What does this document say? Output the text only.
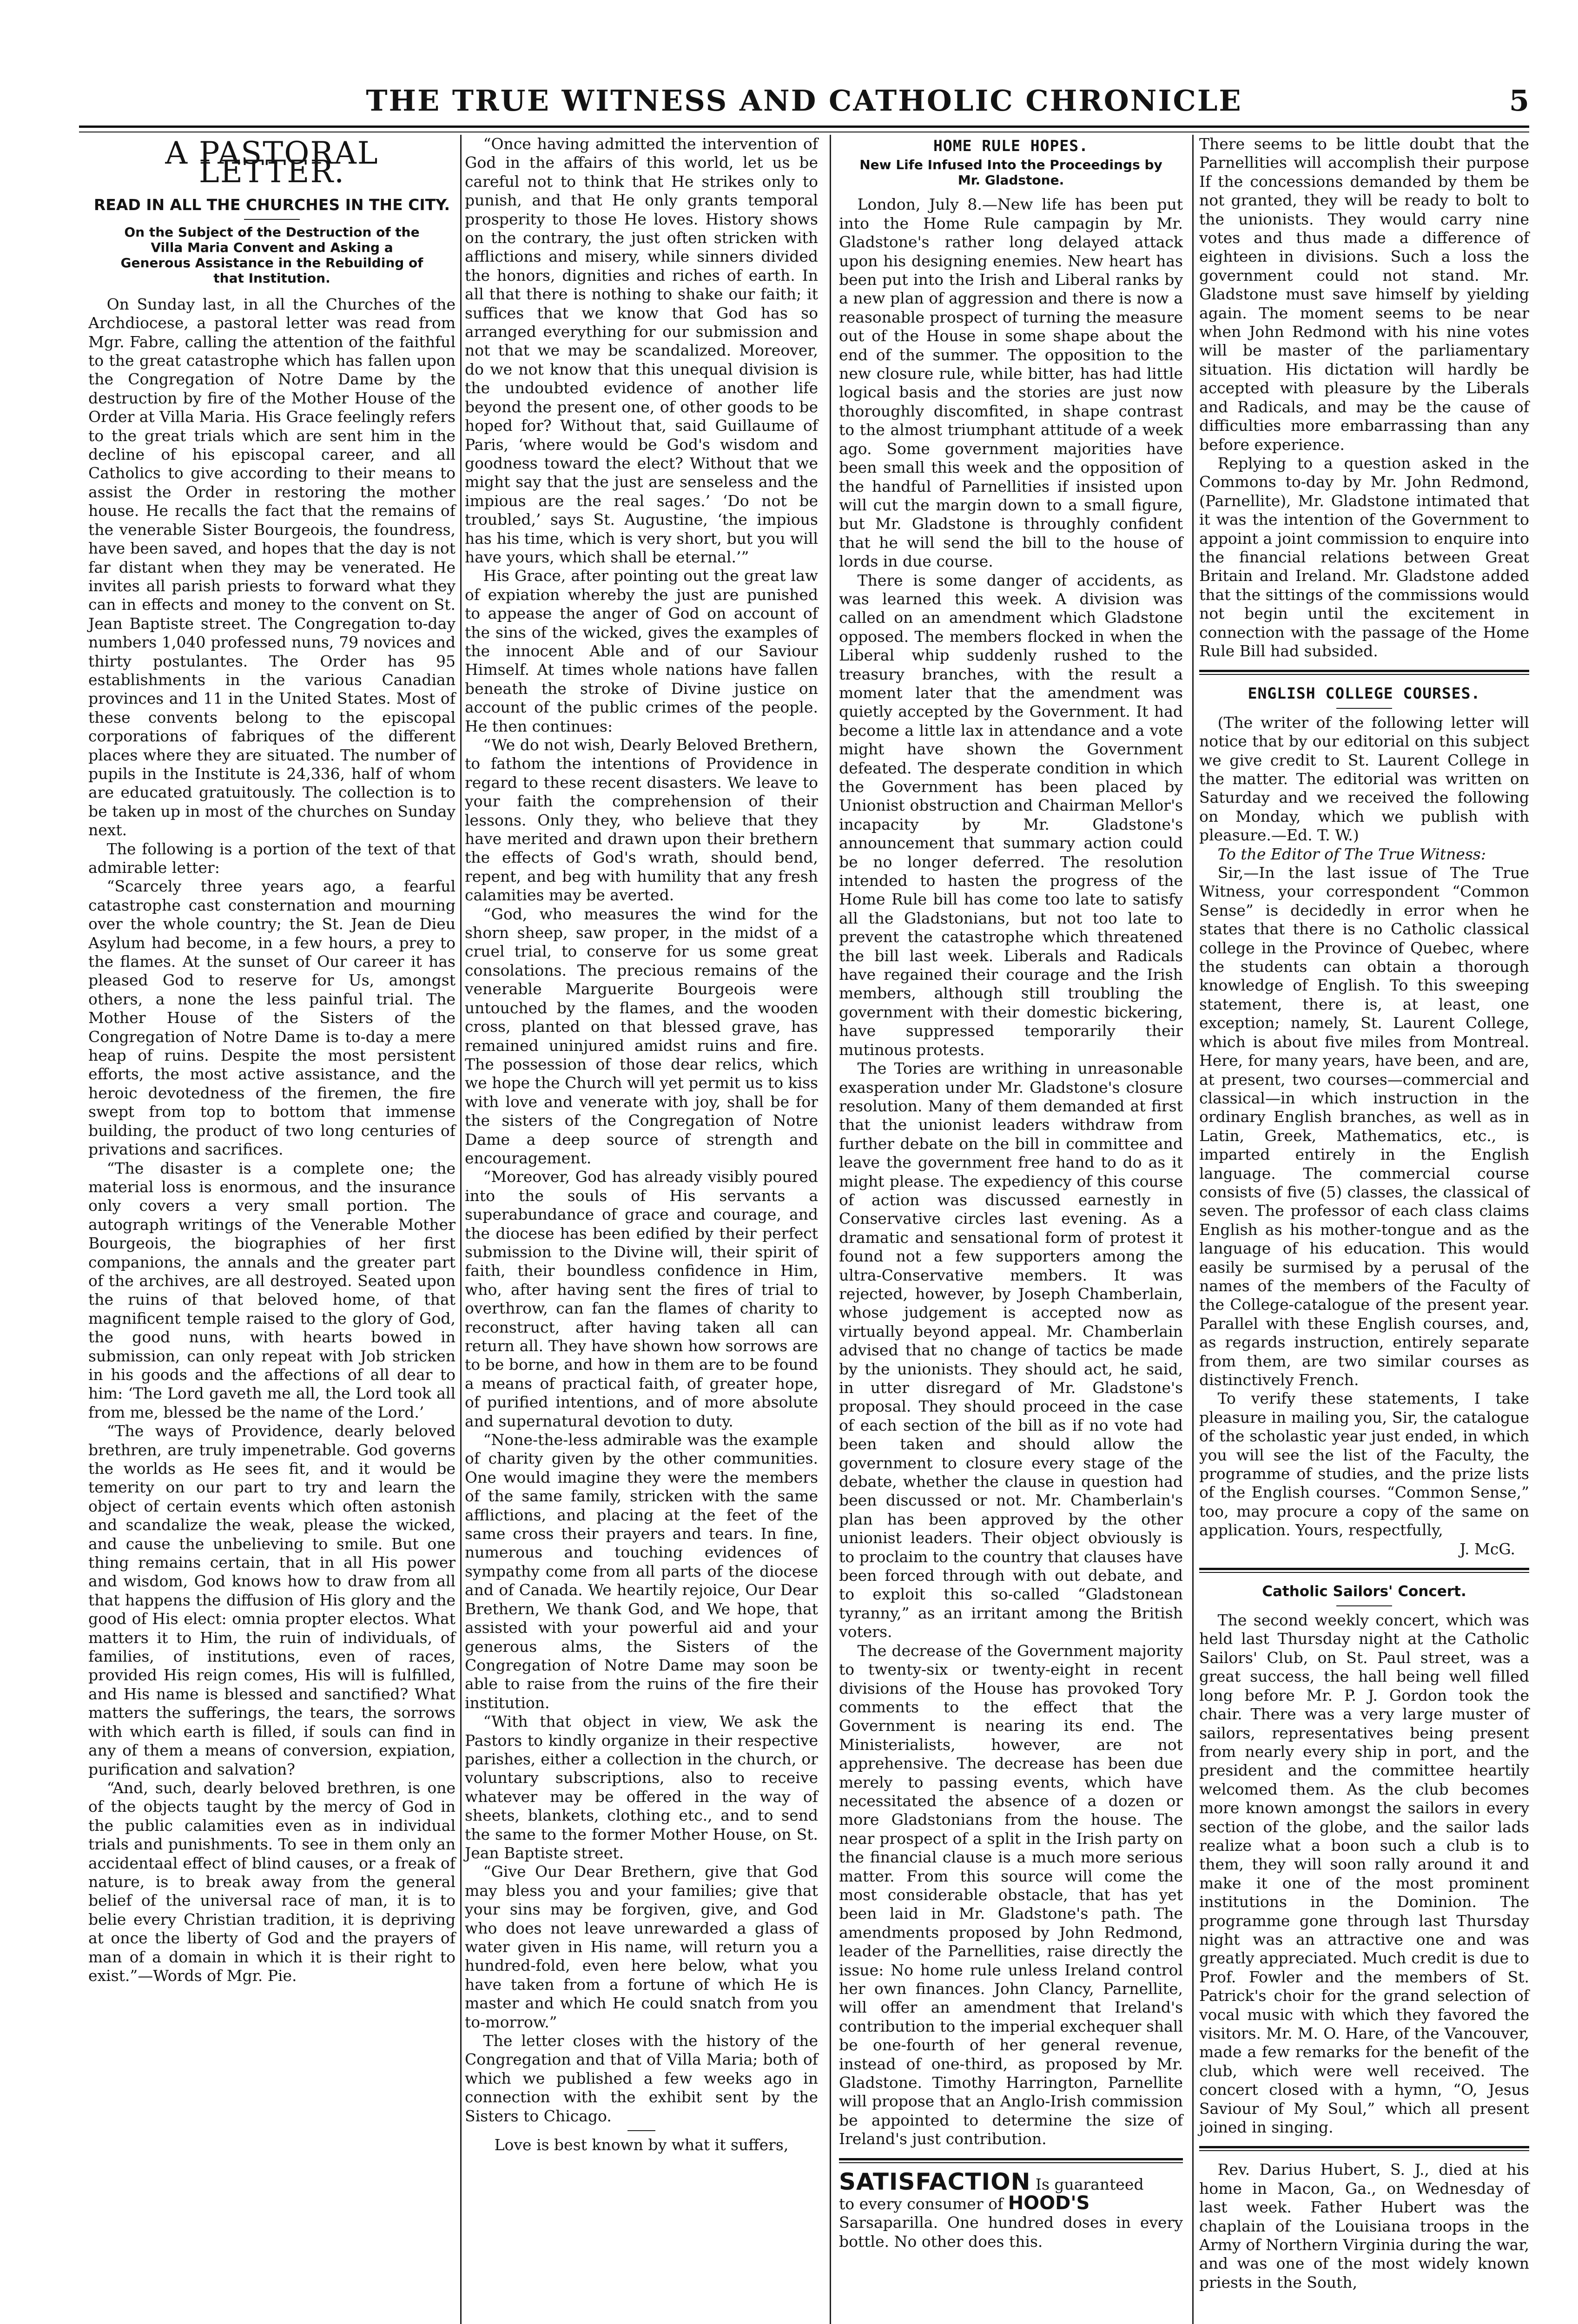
THE TRUE WITNESS AND CATHOLIC CHRONICLE	5
A PASTORAL LETTER.
READ IN ALL THE CHURCHES IN THE CITY.
On the Subject of the Destruction of the Villa Maria Convent and Asking a Generous Assistance in the Rebuilding of that Institution.

On Sunday last, in all the Churches of the Archdiocese, a pastoral letter was read from Mgr. Fabre, calling the attention of the faithful to the great catastrophe which has fallen upon the Congregation of Notre Dame by the destruction by fire of the Mother House of the Order at Villa Maria. His Grace feelingly refers to the great trials which are sent him in the decline of his episcopal career, and all Catholics to give according to their means to assist the Order in restoring the mother house. He recalls the fact that the remains of the venerable Sister Bourgeois, the foundress, have been saved, and hopes that the day is not far distant when they may be venerated. He invites all parish priests to forward what they can in effects and money to the convent on St. Jean Baptiste street. The Congregation to-day numbers 1,040 professed nuns, 79 novices and thirty postulantes. The Order has 95 establishments in the various Canadian provinces and 11 in the United States. Most of these convents belong to the episcopal corporations of fabriques of the different places where they are situated. The number of pupils in the Institute is 24,336, half of whom are educated gratuitously. The collection is to be taken up in most of the churches on Sunday next.

The following is a portion of the text of that admirable letter:

“Scarcely three years ago, a fearful catastrophe cast consternation and mourning over the whole country; the St. Jean de Dieu Asylum had become, in a few hours, a prey to the flames. At the sunset of Our career it has pleased God to reserve for Us, amongst others, a none the less painful trial. The Mother House of the Sisters of the Congregation of Notre Dame is to-day a mere heap of ruins. Despite the most persistent efforts, the most active assistance, and the heroic devotedness of the firemen, the fire swept from top to bottom that immense building, the product of two long centuries of privations and sacrifices.

“The disaster is a complete one; the material loss is enormous, and the insurance only covers a very small portion. The autograph writings of the Venerable Mother Bourgeois, the biographies of her first companions, the annals and the greater part of the archives, are all destroyed. Seated upon the ruins of that beloved home, of that magnificent temple raised to the glory of God, the good nuns, with hearts bowed in submission, can only repeat with Job stricken in his goods and the affections of all dear to him: ‘The Lord gaveth me all, the Lord took all from me, blessed be the name of the Lord.’

“The ways of Providence, dearly beloved brethren, are truly impenetrable. God governs the worlds as He sees fit, and it would be temerity on our part to try and learn the object of certain events which often astonish and scandalize the weak, please the wicked, and cause the unbelieving to smile. But one thing remains certain, that in all His power and wisdom, God knows how to draw from all that happens the diffusion of His glory and the good of His elect: omnia propter electos. What matters it to Him, the ruin of individuals, of families, of institutions, even of races, provided His reign comes, His will is fulfilled, and His name is blessed and sanctified? What matters the sufferings, the tears, the sorrows with which earth is filled, if souls can find in any of them a means of conversion, expiation, purification and salvation?

“And, such, dearly beloved brethren, is one of the objects taught by the mercy of God in the public calamities even as in individual trials and punishments. To see in them only an accidentaal effect of blind causes, or a freak of nature, is to break away from the general belief of the universal race of man, it is to belie every Christian tradition, it is depriving at once the liberty of God and the prayers of man of a domain in which it is their right to exist.”—Words of Mgr. Pie.

“Once having admitted the intervention of God in the affairs of this world, let us be careful not to think that He strikes only to punish, and that He only grants temporal prosperity to those He loves. History shows on the contrary, the just often stricken with afflictions and misery, while sinners divided the honors, dignities and riches of earth. In all that there is nothing to shake our faith; it suffices that we know that God has so arranged everything for our submission and not that we may be scandalized. Moreover, do we not know that this unequal division is the undoubted evidence of another life beyond the present one, of other goods to be hoped for? Without that, said Guillaume of Paris, ‘where would be God's wisdom and goodness toward the elect? Without that we might say that the just are senseless and the impious are the real sages.’ ‘Do not be troubled,’ says St. Augustine, ‘the impious has his time, which is very short, but you will have yours, which shall be eternal.’”

His Grace, after pointing out the great law of expiation whereby the just are punished to appease the anger of God on account of the sins of the wicked, gives the examples of the innocent Able and of our Saviour Himself. At times whole nations have fallen beneath the stroke of Divine justice on account of the public crimes of the people. He then continues:

“We do not wish, Dearly Beloved Brethern, to fathom the intentions of Providence in regard to these recent disasters. We leave to your faith the comprehension of their lessons. Only they, who believe that they have merited and drawn upon their brethern the effects of God's wrath, should bend, repent, and beg with humility that any fresh calamities may be averted.

“God, who measures the wind for the shorn sheep, saw proper, in the midst of a cruel trial, to conserve for us some great consolations. The precious remains of the venerable Marguerite Bourgeois were untouched by the flames, and the wooden cross, planted on that blessed grave, has remained uninjured amidst ruins and fire. The possession of those dear relics, which we hope the Church will yet permit us to kiss with love and venerate with joy, shall be for the sisters of the Congregation of Notre Dame a deep source of strength and encouragement.

“Moreover, God has already visibly poured into the souls of His servants a superabundance of grace and courage, and the diocese has been edified by their perfect submission to the Divine will, their spirit of faith, their boundless confidence in Him, who, after having sent the fires of trial to overthrow, can fan the flames of charity to reconstruct, after having taken all can return all. They have shown how sorrows are to be borne, and how in them are to be found a means of practical faith, of greater hope, of purified intentions, and of more absolute and supernatural devotion to duty.

“None-the-less admirable was the example of charity given by the other communities. One would imagine they were the members of the same family, stricken with the same afflictions, and placing at the feet of the same cross their prayers and tears. In fine, numerous and touching evidences of sympathy come from all parts of the diocese and of Canada. We heartily rejoice, Our Dear Brethern, We thank God, and We hope, that assisted with your powerful aid and your generous alms, the Sisters of the Congregation of Notre Dame may soon be able to raise from the ruins of the fire their institution.

“With that object in view, We ask the Pastors to kindly organize in their respective parishes, either a collection in the church, or voluntary subscriptions, also to receive whatever may be offered in the way of sheets, blankets, clothing etc., and to send the same to the former Mother House, on St. Jean Baptiste street.

“Give Our Dear Brethern, give that God may bless you and your families; give that your sins may be forgiven, give, and God who does not leave unrewarded a glass of water given in His name, will return you a hundred-fold, even here below, what you have taken from a fortune of which He is master and which He could snatch from you to-morrow.”

The letter closes with the history of the Congregation and that of Villa Maria; both of which we published a few weeks ago in connection with the exhibit sent by the Sisters to Chicago.

Love is best known by what it suffers,

HOME RULE HOPES.
New Life Infused Into the Proceedings by Mr. Gladstone.

London, July 8.—New life has been put into the Home Rule campagin by Mr. Gladstone's rather long delayed attack upon his designing enemies. New heart has been put into the Irish and Liberal ranks by a new plan of aggression and there is now a reasonable prospect of turning the measure out of the House in some shape about the end of the summer. The opposition to the new closure rule, while bitter, has had little logical basis and the stories are just now thoroughly discomfited, in shape contrast to the almost triumphant attitude of a week ago. Some government majorities have been small this week and the opposition of the handful of Parnellities if insisted upon will cut the margin down to a small figure, but Mr. Gladstone is throughly confident that he will send the bill to the house of lords in due course.

There is some danger of accidents, as was learned this week. A division was called on an amendment which Gladstone opposed. The members flocked in when the Liberal whip suddenly rushed to the treasury branches, with the result a moment later that the amendment was quietly accepted by the Government. It had become a little lax in attendance and a vote might have shown the Government defeated. The desperate condition in which the Government has been placed by Unionist obstruction and Chairman Mellor's incapacity by Mr. Gladstone's announcement that summary action could be no longer deferred. The resolution intended to hasten the progress of the Home Rule bill has come too late to satisfy all the Gladstonians, but not too late to prevent the catastrophe which threatened the bill last week. Liberals and Radicals have regained their courage and the Irish members, although still troubling the government with their domestic bickering, have suppressed temporarily their mutinous protests.

The Tories are writhing in unreasonable exasperation under Mr. Gladstone's closure resolution. Many of them demanded at first that the unionist leaders withdraw from further debate on the bill in committee and leave the government free hand to do as it might please. The expediency of this course of action was discussed earnestly in Conservative circles last evening. As a dramatic and sensational form of protest it found not a few supporters among the ultra-Conservative members. It was rejected, however, by Joseph Chamberlain, whose judgement is accepted now as virtually beyond appeal. Mr. Chamberlain advised that no change of tactics be made by the unionists. They should act, he said, in utter disregard of Mr. Gladstone's proposal. They should proceed in the case of each section of the bill as if no vote had been taken and should allow the government to closure every stage of the debate, whether the clause in question had been discussed or not. Mr. Chamberlain's plan has been approved by the other unionist leaders. Their object obviously is to proclaim to the country that clauses have been forced through with out debate, and to exploit this so-called “Gladstonean tyranny,” as an irritant among the British voters.

The decrease of the Government majority to twenty-six or twenty-eight in recent divisions of the House has provoked Tory comments to the effect that the Government is nearing its end. The Ministerialists, however, are not apprehensive. The decrease has been due merely to passing events, which have necessitated the absence of a dozen or more Gladstonians from the house. The near prospect of a split in the Irish party on the financial clause is a much more serious matter. From this source will come the most considerable obstacle, that has yet been laid in Mr. Gladstone's path. The amendments proposed by John Redmond, leader of the Parnellities, raise directly the issue: No home rule unless Ireland control her own finances. John Clancy, Parnellite, will offer an amendment that Ireland's contribution to the imperial exchequer shall be one-fourth of her general revenue, instead of one-third, as proposed by Mr. Gladstone. Timothy Harrington, Parnellite will propose that an Anglo-Irish commission be appointed to determine the size of Ireland's just contribution.

SATISFACTION Is guaranteed
to every consumer of HOOD'S
Sarsaparilla. One hundred doses in every bottle. No other does this.

There seems to be little doubt that the Parnellities will accomplish their purpose If the concessions demanded by them be not granted, they will be ready to bolt to the unionists. They would carry nine votes and thus made a difference of eighteen in divisions. Such a loss the government could not stand. Mr. Gladstone must save himself by yielding again. The moment seems to be near when John Redmond with his nine votes will be master of the parliamentary situation. His dictation will hardly be accepted with pleasure by the Liberals and Radicals, and may be the cause of difficulties more embarrassing than any before experience.

Replying to a question asked in the Commons to-day by Mr. John Redmond, (Parnellite), Mr. Gladstone intimated that it was the intention of the Government to appoint a joint commission to enquire into the financial relations between Great Britain and Ireland. Mr. Gladstone added that the sittings of the commissions would not begin until the excitement in connection with the passage of the Home Rule Bill had subsided.

ENGLISH COLLEGE COURSES.

(The writer of the following letter will notice that by our editorial on this subject we give credit to St. Laurent College in the matter. The editorial was written on Saturday and we received the following on Monday, which we publish with pleasure.—Ed. T. W.)

To the Editor of The True Witness:

Sir,—In the last issue of The True Witness, your correspondent “Common Sense” is decidedly in error when he states that there is no Catholic classical college in the Province of Quebec, where the students can obtain a thorough knowledge of English. To this sweeping statement, there is, at least, one exception; namely, St. Laurent College, which is about five miles from Montreal. Here, for many years, have been, and are, at present, two courses—commercial and classical—in which instruction in the ordinary English branches, as well as in Latin, Greek, Mathematics, etc., is imparted entirely in the English language. The commercial course consists of five (5) classes, the classical of seven. The professor of each class claims English as his mother-tongue and as the language of his education. This would easily be surmised by a perusal of the names of the members of the Faculty of the College-catalogue of the present year. Parallel with these English courses, and, as regards instruction, entirely separate from them, are two similar courses as distinctively French.

To verify these statements, I take pleasure in mailing you, Sir, the catalogue of the scholastic year just ended, in which you will see the list of the Faculty, the programme of studies, and the prize lists of the English courses. “Common Sense,” too, may procure a copy of the same on application. Yours, respectfully,

J. McG.
Catholic Sailors' Concert.

The second weekly concert, which was held last Thursday night at the Catholic Sailors' Club, on St. Paul street, was a great success, the hall being well filled long before Mr. P. J. Gordon took the chair. There was a very large muster of sailors, representatives being present from nearly every ship in port, and the president and the committee heartily welcomed them. As the club becomes more known amongst the sailors in every section of the globe, and the sailor lads realize what a boon such a club is to them, they will soon rally around it and make it one of the most prominent institutions in the Dominion. The programme gone through last Thursday night was an attractive one and was greatly appreciated. Much credit is due to Prof. Fowler and the members of St. Patrick's choir for the grand selection of vocal music with which they favored the visitors. Mr. M. O. Hare, of the Vancouver, made a few remarks for the benefit of the club, which were well received. The concert closed with a hymn, “O, Jesus Saviour of My Soul,” which all present joined in singing.

Rev. Darius Hubert, S. J., died at his home in Macon, Ga., on Wednesday of last week. Father Hubert was the chaplain of the Louisiana troops in the Army of Northern Virginia during the war, and was one of the most widely known priests in the South,
